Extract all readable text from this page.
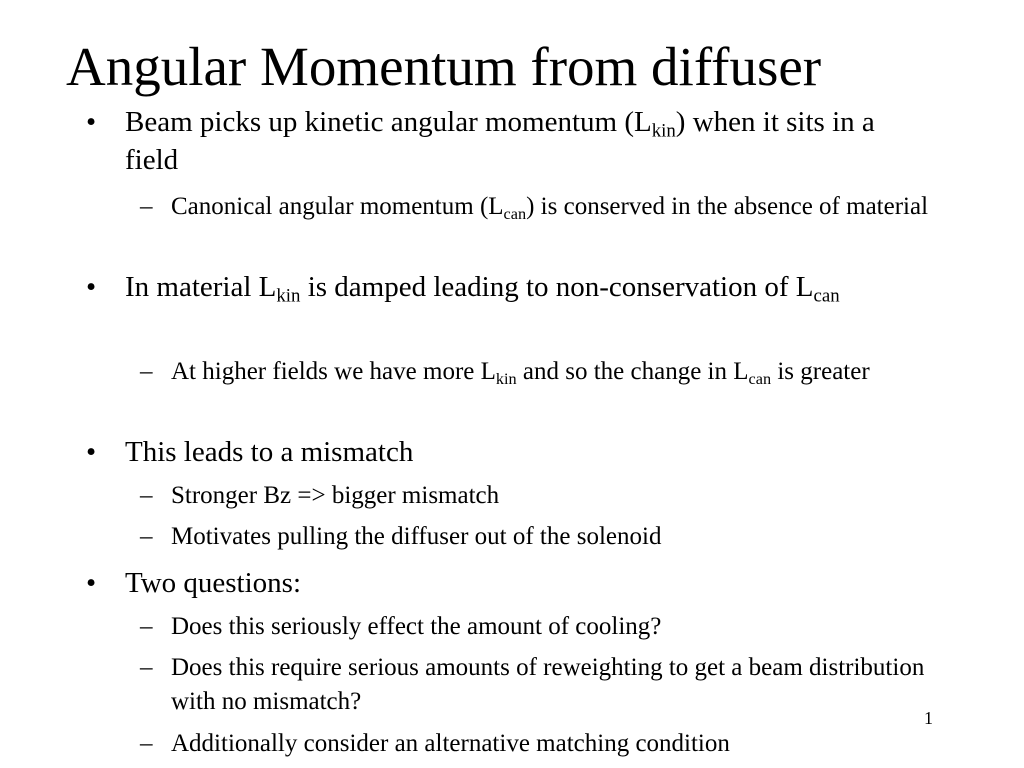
Angular Momentum from diffuser
• Beam picks up kinetic angular momentum $(L_{kin})$ when it sits in a field
– Canonical angular momentum $(L_{can})$ is conserved in the absence of material
• In material $L_{kin}$ is damped leading to non-conservation of $L_{can}$
– At higher fields we have more $L_{kin}$ and so the change in $L_{can}$ is greater
• This leads to a mismatch
– Stronger Bz => bigger mismatch
– Motivates pulling the diffuser out of the solenoid
• Two questions:
– Does this seriously effect the amount of cooling?
– Does this require serious amounts of reweighting to get a beam distribution with no mismatch?
– Additionally consider an alternative matching condition
1
